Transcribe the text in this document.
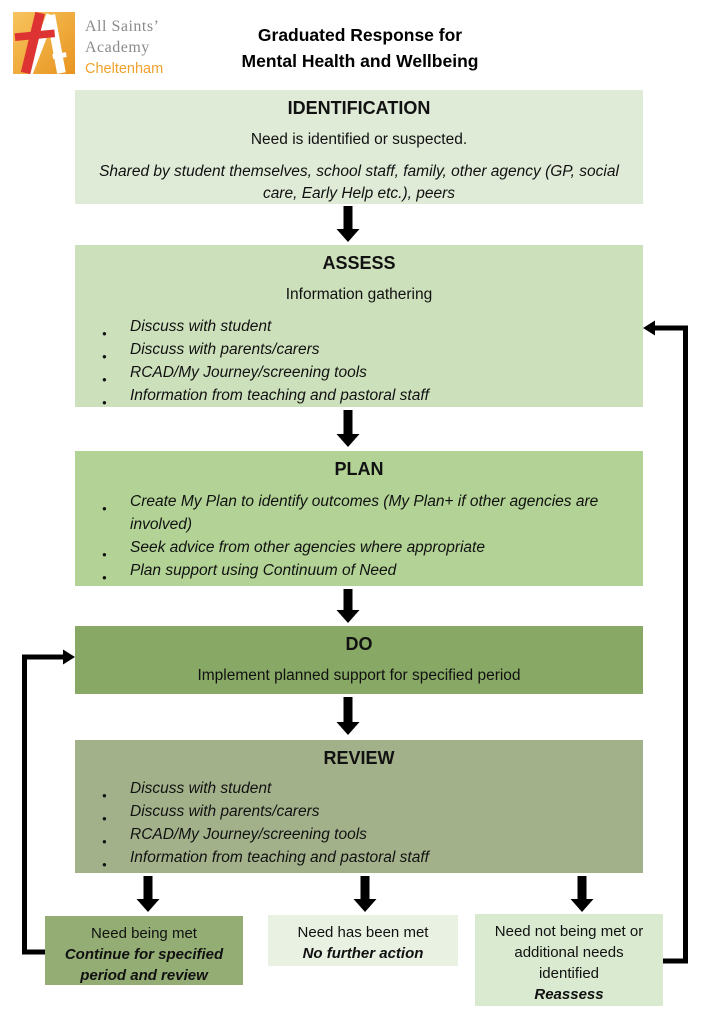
All Saints’
Academy
Cheltenham
Graduated Response for
Mental Health and Wellbeing
IDENTIFICATION

Need is identified or suspected.

Shared by student themselves, school staff, family, other agency (GP, social care, Early Help etc.), peers

ASSESS

Information gathering

● Discuss with student
● Discuss with parents/carers
● RCAD/My Journey/screening tools
● Information from teaching and pastoral staff
PLAN
● Create My Plan to identify outcomes (My Plan+ if other agencies are involved)
● Seek advice from other agencies where appropriate
● Plan support using Continuum of Need
DO

Implement planned support for specified period

REVIEW
● Discuss with student
● Discuss with parents/carers
● RCAD/My Journey/screening tools
● Information from teaching and pastoral staff
Need being met
Continue for specified period and review
Need has been met
No further action
Need not being met or additional needs identified
Reassess
